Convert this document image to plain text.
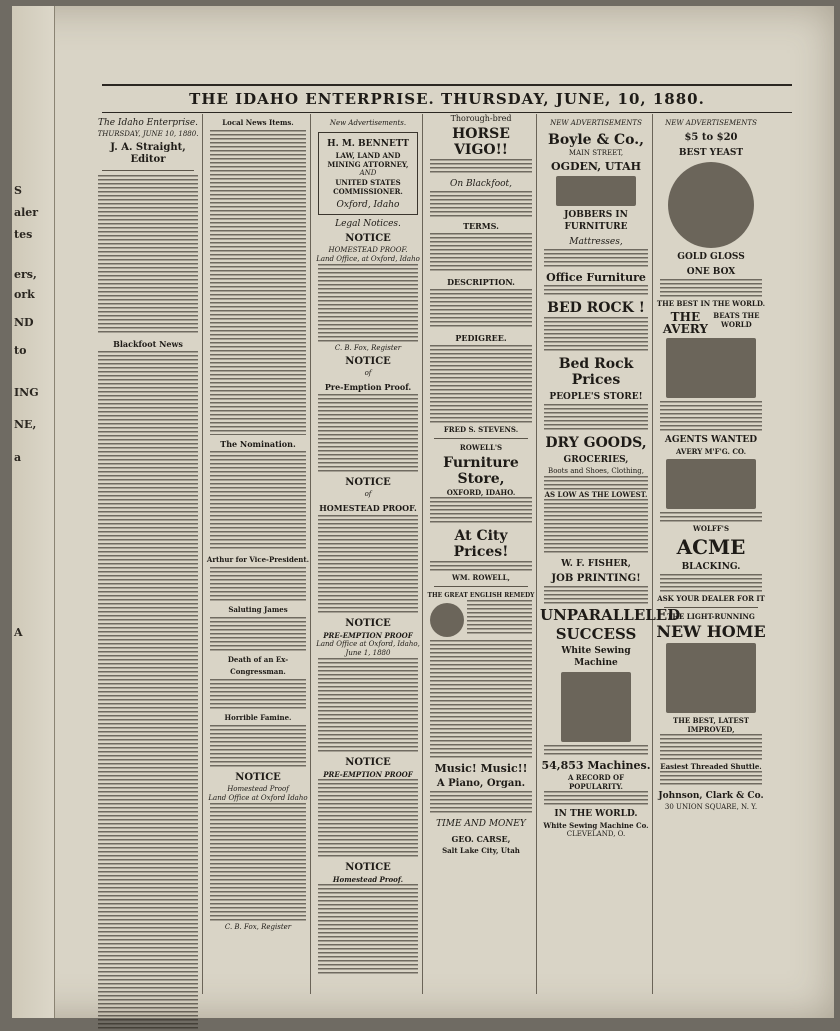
S
aler
tes
ers,
ork
ND
to
ING
NE,
a
A
THE IDAHO ENTERPRISE. THURSDAY, JUNE, 10, 1880.
The Idaho Enterprise.
THURSDAY, JUNE 10, 1880.
J. A. Straight, Editor
Blackfoot News
Local News Items.
The Nomination.
Arthur for Vice-President.
Saluting James
Death of an Ex-Congressman.
Horrible Famine.
NOTICE
Homestead Proof
Land Office at Oxford Idaho
C. B. Fox, Register
New Advertisements.
H. M. BENNETT
LAW, LAND AND MINING ATTORNEY,
AND
UNITED STATES COMMISSIONER.
Oxford, Idaho
Legal Notices.
NOTICE
HOMESTEAD PROOF.
Land Office, at Oxford, Idaho
C. B. Fox, Register
NOTICE
of
Pre-Emption Proof.
NOTICE
of
HOMESTEAD PROOF.
NOTICE
PRE-EMPTION PROOF
Land Office at Oxford, Idaho, June 1, 1880
NOTICE
PRE-EMPTION PROOF
NOTICE
Homestead Proof.
Thorough-bred
HORSE VIGO!!
On Blackfoot,
TERMS.
DESCRIPTION.
PEDIGREE.
FRED S. STEVENS.
ROWELL'S
Furniture Store,
OXFORD, IDAHO.
At City Prices!
WM. ROWELL,
THE GREAT ENGLISH REMEDY
Music! Music!!
A Piano, Organ.
TIME AND MONEY
GEO. CARSE,
Salt Lake City, Utah
NEW ADVERTISEMENTS
Boyle & Co.,
MAIN STREET,
OGDEN, UTAH
JOBBERS IN FURNITURE
Mattresses,
Office Furniture
BED ROCK !
Bed Rock Prices
PEOPLE'S STORE!
DRY GOODS,
GROCERIES,
Boots and Shoes, Clothing,
AS LOW AS THE LOWEST.
W. F. FISHER,
JOB PRINTING!
UNPARALLELED
SUCCESS
White Sewing Machine
54,853 Machines.
A RECORD OF POPULARITY.
IN THE WORLD.
White Sewing Machine Co.
CLEVELAND, O.
NEW ADVERTISEMENTS
$5 to $20
BEST YEAST
GOLD GLOSS
ONE BOX
THE BEST IN THE WORLD.
THE AVERY
BEATS THE WORLD
AGENTS WANTED
AVERY M'F'G. CO.
WOLFF'S
ACME
BLACKING.
ASK YOUR DEALER FOR IT
THE LIGHT-RUNNING
NEW HOME
THE BEST, LATEST IMPROVED,
Easiest Threaded Shuttle.
Johnson, Clark & Co.
30 UNION SQUARE, N. Y.
